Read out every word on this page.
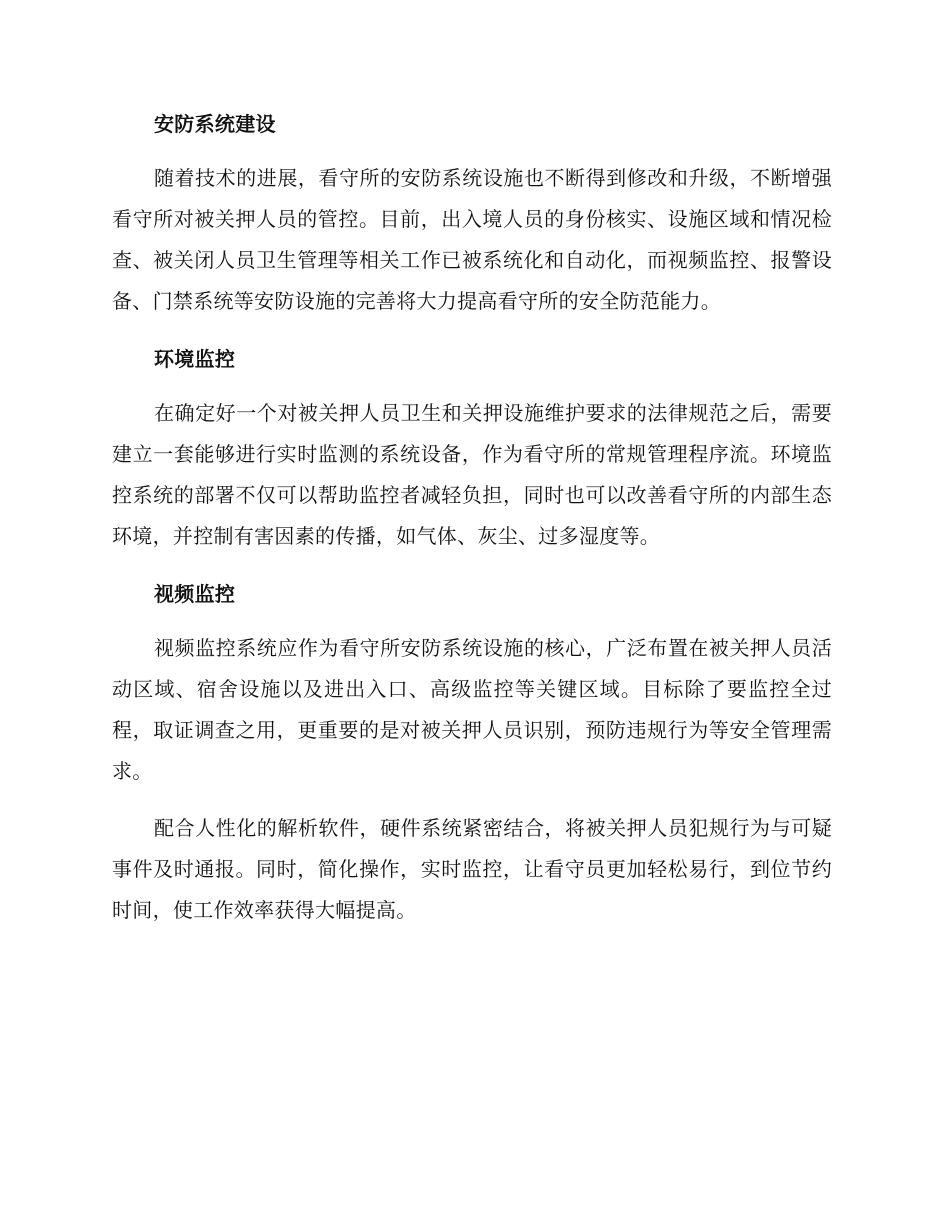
安防系统建设

随着技术的进展，看守所的安防系统设施也不断得到修改和升级，不断增强看守所对被关押人员的管控。目前，出入境人员的身份核实、设施区域和情况检查、被关闭人员卫生管理等相关工作已被系统化和自动化，而视频监控、报警设备、门禁系统等安防设施的完善将大力提高看守所的安全防范能力。

环境监控

在确定好一个对被关押人员卫生和关押设施维护要求的法律规范之后，需要建立一套能够进行实时监测的系统设备，作为看守所的常规管理程序流。环境监控系统的部署不仅可以帮助监控者减轻负担，同时也可以改善看守所的内部生态环境，并控制有害因素的传播，如气体、灰尘、过多湿度等。

视频监控

视频监控系统应作为看守所安防系统设施的核心，广泛布置在被关押人员活动区域、宿舍设施以及进出入口、高级监控等关键区域。目标除了要监控全过程，取证调查之用，更重要的是对被关押人员识别，预防违规行为等安全管理需求。

配合人性化的解析软件，硬件系统紧密结合，将被关押人员犯规行为与可疑事件及时通报。同时，简化操作，实时监控，让看守员更加轻松易行，到位节约时间，使工作效率获得大幅提高。
